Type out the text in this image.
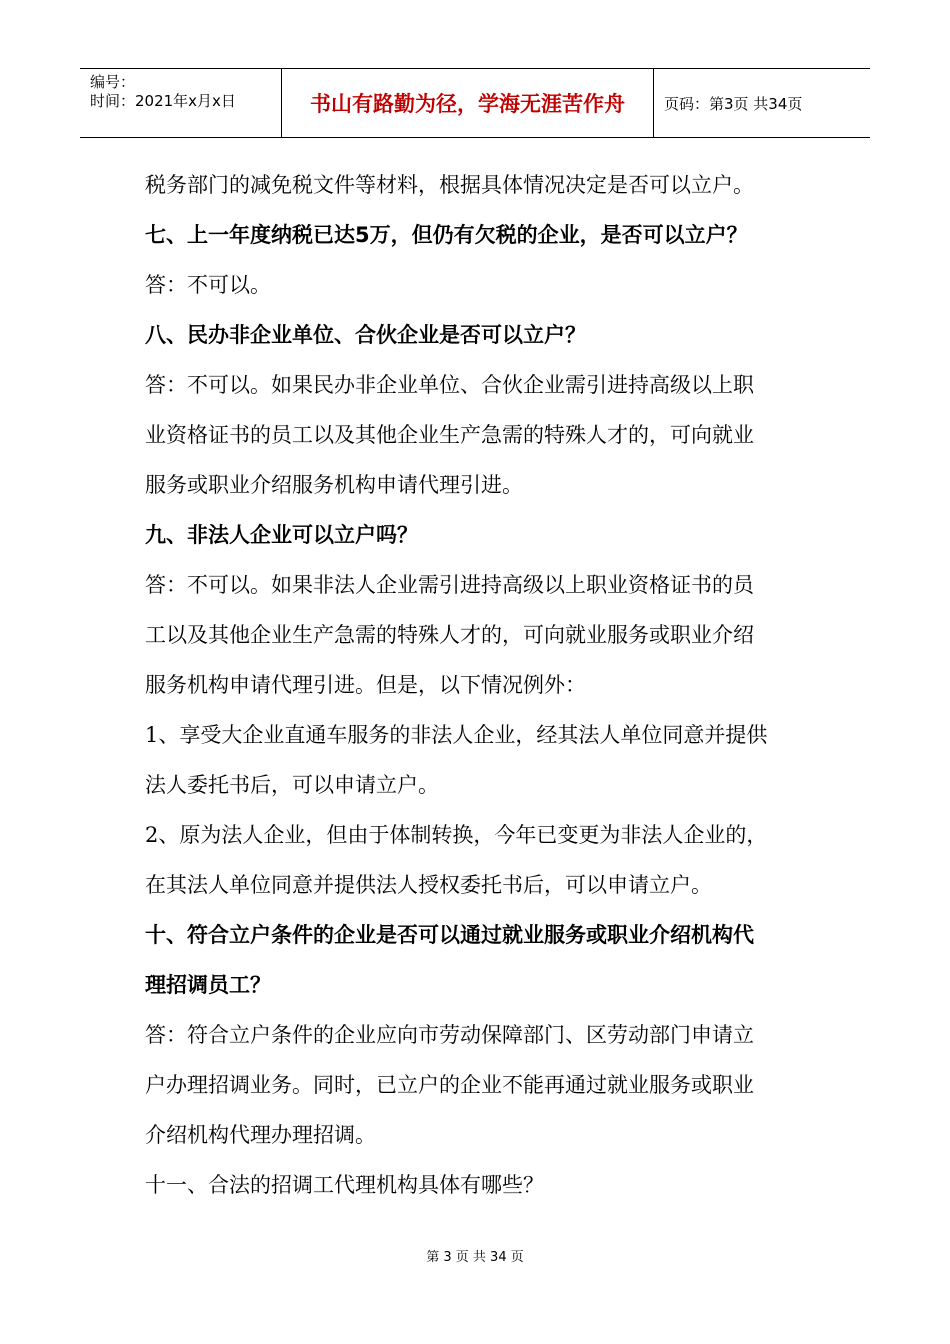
编号：
时间：2021年x月x日	书山有路勤为径，学海无涯苦作舟	页码：第3页 共34页
税务部门的减免税文件等材料，根据具体情况决定是否可以立户。
七、上一年度纳税已达5万，但仍有欠税的企业，是否可以立户？
答：不可以。
八、民办非企业单位、合伙企业是否可以立户？
答：不可以。如果民办非企业单位、合伙企业需引进持高级以上职
业资格证书的员工以及其他企业生产急需的特殊人才的，可向就业
服务或职业介绍服务机构申请代理引进。
九、非法人企业可以立户吗？
答：不可以。如果非法人企业需引进持高级以上职业资格证书的员
工以及其他企业生产急需的特殊人才的，可向就业服务或职业介绍
服务机构申请代理引进。但是，以下情况例外：
1、享受大企业直通车服务的非法人企业，经其法人单位同意并提供
法人委托书后，可以申请立户。
2、原为法人企业，但由于体制转换，今年已变更为非法人企业的，
在其法人单位同意并提供法人授权委托书后，可以申请立户。
十、符合立户条件的企业是否可以通过就业服务或职业介绍机构代
理招调员工？
答：符合立户条件的企业应向市劳动保障部门、区劳动部门申请立
户办理招调业务。同时，已立户的企业不能再通过就业服务或职业
介绍机构代理办理招调。
十一、合法的招调工代理机构具体有哪些？
第 3 页 共 34 页
